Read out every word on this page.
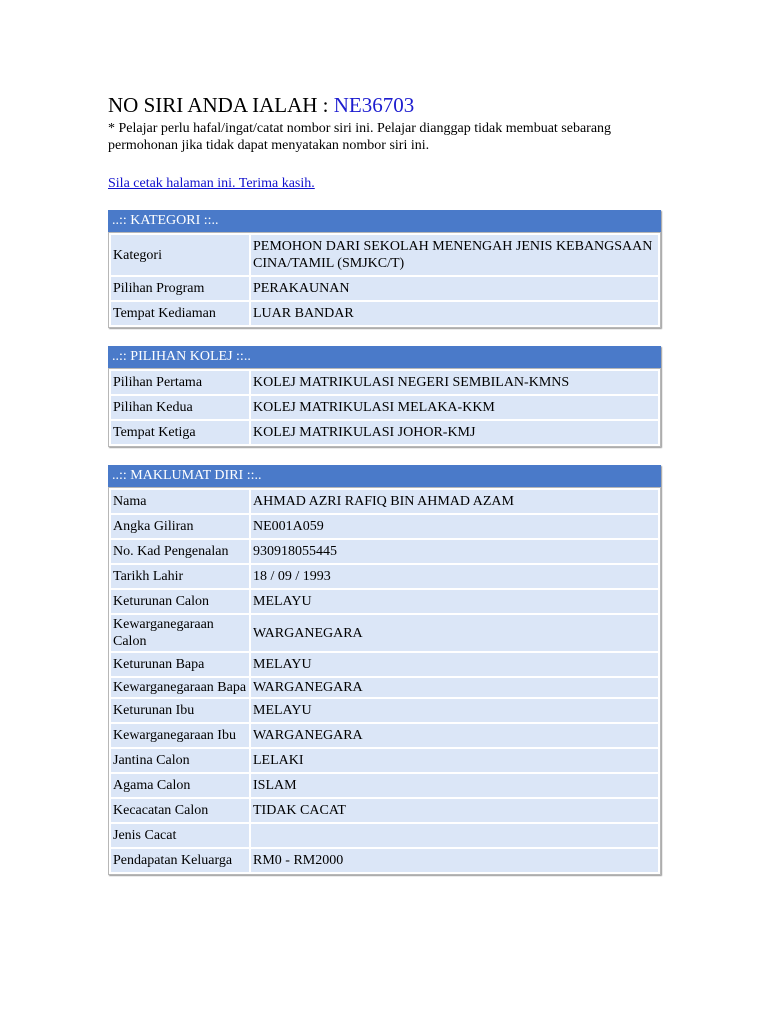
NO SIRI ANDA IALAH : NE36703
* Pelajar perlu hafal/ingat/catat nombor siri ini. Pelajar dianggap tidak membuat sebarang permohonan jika tidak dapat menyatakan nombor siri ini.
Sila cetak halaman ini. Terima kasih.
..:: KATEGORI ::..
Kategori	PEMOHON DARI SEKOLAH MENENGAH JENIS KEBANGSAAN CINA/TAMIL (SMJKC/T)
Pilihan Program	PERAKAUNAN
Tempat Kediaman	LUAR BANDAR
..:: PILIHAN KOLEJ ::..
Pilihan Pertama	KOLEJ MATRIKULASI NEGERI SEMBILAN-KMNS
Pilihan Kedua	KOLEJ MATRIKULASI MELAKA-KKM
Tempat Ketiga	KOLEJ MATRIKULASI JOHOR-KMJ
..:: MAKLUMAT DIRI ::..
Nama	AHMAD AZRI RAFIQ BIN AHMAD AZAM
Angka Giliran	NE001A059
No. Kad Pengenalan	930918055445
Tarikh Lahir	18 / 09 / 1993
Keturunan Calon	MELAYU
Kewarganegaraan Calon	WARGANEGARA
Keturunan Bapa	MELAYU
Kewarganegaraan Bapa	WARGANEGARA
Keturunan Ibu	MELAYU
Kewarganegaraan Ibu	WARGANEGARA
Jantina Calon	LELAKI
Agama Calon	ISLAM
Kecacatan Calon	TIDAK CACAT
Jenis Cacat	
Pendapatan Keluarga	RM0 - RM2000
